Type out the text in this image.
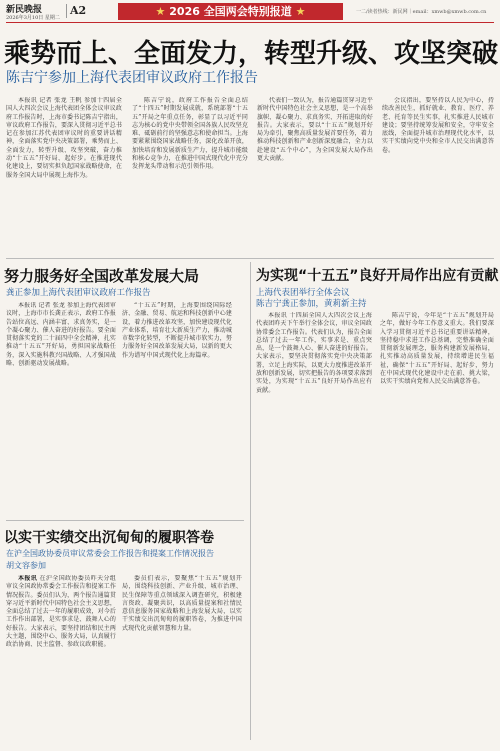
新民晚报
2026年3月10日 星期二
A2	★ 2026 全国两会特别报道 ★	一二/读者热线：新民网｜email：xmwb@xmwb.com.cn
乘势而上、全面发力，转型升级、攻坚突破
陈吉宁参加上海代表团审议政府工作报告

本报讯 记者 张龙 王帆 参加十四届全国人大四次会议上海代表团全体会议审议政府工作报告时，上海市委书记陈吉宁指出，审议政府工作报告，要深入贯彻习近平总书记在参加江苏代表团审议时的重要讲话精神，全面落实党中央决策部署，乘势而上、全面发力，转型升级、攻坚突破，奋力推动“十五五”开好局、起好步。在推进现代化建设上，要切实担负起国家战略使命，在服务全国大局中展现上海作为。

陈吉宁说，政府工作报告全面总结了“十四五”时期发展成就，系统部署“十五五”开局之年重点任务，彰显了以习近平同志为核心的党中央带领全国各族人民攻坚克难、砥砺前行的坚强意志和使命担当。上海要紧紧围绕国家战略任务，深化改革开放，加快培育和发展新质生产力，提升城市能级和核心竞争力，在推进中国式现代化中充分发挥龙头带动和示范引领作用。

代表们一致认为，报告通篇贯穿习近平新时代中国特色社会主义思想，是一个高举旗帜、凝心聚力、求真务实、开拓进取的好报告。大家表示，要以“十五五”规划开好局为牵引，聚焦高质量发展首要任务，着力推动科技创新和产业创新深度融合，全力以赴建设“五个中心”，为全国发展大局作出更大贡献。

会议指出，要坚持以人民为中心，持续改善民生，抓好就业、教育、医疗、养老、托育等民生实事，扎实推进人民城市建设；要坚持统筹发展和安全，守牢安全底线，全面提升城市治理现代化水平，以实干实绩向党中央和全市人民交出满意答卷。

努力服务好全国改革发展大局
龚正参加上海代表团审议政府工作报告

本报讯 记者 张龙 参加上海代表团审议时，上海市市长龚正表示，政府工作报告站位高远、内涵丰富、求真务实，是一个凝心聚力、催人奋进的好报告。要全面贯彻落实党的二十届四中全会精神，扎实推动“十五五”开好局，勇担国家战略任务，深入实施科教兴国战略、人才强国战略、创新驱动发展战略。

“十五五”时期，上海要围绕国际经济、金融、贸易、航运和科技创新中心建设，着力推进改革攻坚，加快建设现代化产业体系，培育壮大新质生产力，推动城市数字化转型，不断提升城市软实力，努力服务好全国改革发展大局，以新的更大作为谱写中国式现代化上海篇章。

为实现“十五五”良好开局作出应有贡献
上海代表团举行全体会议
陈吉宁龚正参加，黄莉新主持

本报讯 十四届全国人大四次会议上海代表团昨天下午举行全体会议，审议全国政协常委会工作报告。代表们认为，报告全面总结了过去一年工作，实事求是、重点突出，是一个鼓舞人心、催人奋进的好报告。大家表示，要坚决贯彻落实党中央决策部署，立足上海实际，以更大力度推进改革开放和创新发展，切实把报告的各项要求落到实处，为实现“十五五”良好开局作出应有贡献。

陈吉宁说，今年是“十五五”规划开局之年，做好今年工作意义重大。我们要深入学习贯彻习近平总书记重要讲话精神，坚持稳中求进工作总基调，完整准确全面贯彻新发展理念，服务构建新发展格局，扎实推动高质量发展，持续增进民生福祉，确保“十五五”开好局、起好步，努力在中国式现代化建设中走在前、挑大梁，以实干实绩向党和人民交出满意答卷。

以实干实绩交出沉甸甸的履职答卷
在沪全国政协委员审议常委会工作报告和提案工作情况报告
胡文容参加

本报讯 在沪全国政协委员昨天分组审议全国政协常委会工作报告和提案工作情况报告。委员们认为，两个报告通篇贯穿习近平新时代中国特色社会主义思想，全面总结了过去一年的履职成效，对今后工作作出部署，是实事求是、鼓舞人心的好报告。大家表示，要坚持团结和民主两大主题，围绕中心、服务大局，认真履行政治协商、民主监督、参政议政职能。

委员们表示，要聚焦“十五五”规划开局，围绕科技创新、产业升级、城市治理、民生保障等重点领域深入调查研究，积极建言资政、凝聚共识，以高质量提案和社情民意信息服务国家战略和上海发展大局，以实干实绩交出沉甸甸的履职答卷，为推进中国式现代化贡献智慧和力量。
